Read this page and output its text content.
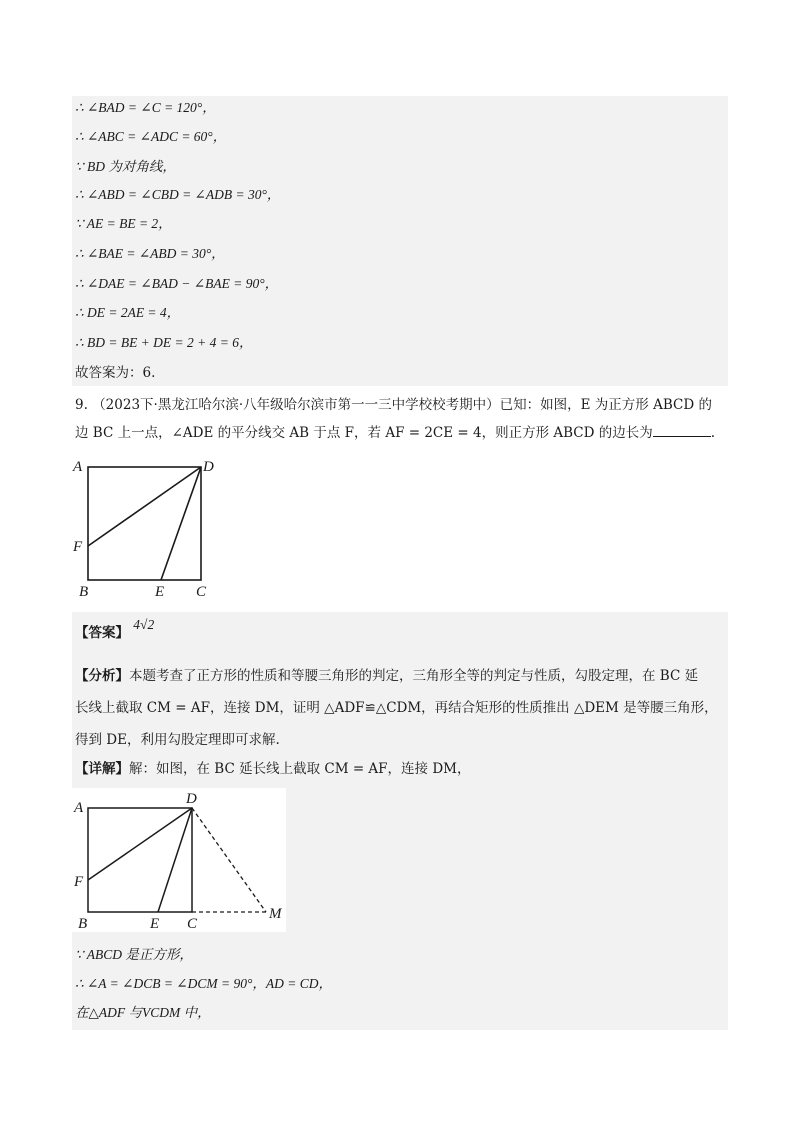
∴ ∠BAD = ∠C = 120°，
∴ ∠ABC = ∠ADC = 60°，
∵ BD 为对角线，
∴ ∠ABD = ∠CBD = ∠ADB = 30°，
∵ AE = BE = 2，
∴ ∠BAE = ∠ABD = 30°，
∴ ∠DAE = ∠BAD − ∠BAE = 90°，
∴ DE = 2AE = 4，
∴ BD = BE + DE = 2 + 4 = 6，
故答案为：6.
9. （2023下·黑龙江哈尔滨·八年级哈尔滨市第一一三中学校校考期中）已知：如图，E 为正方形 ABCD 的
边 BC 上一点，∠ADE 的平分线交 AB 于点 F，若 AF = 2CE = 4，则正方形 ABCD 的边长为	.
A	D
F
B	E C
【答案】 4√2
【分析】本题考查了正方形的性质和等腰三角形的判定，三角形全等的判定与性质，勾股定理，在 BC 延
长线上截取 CM = AF，连接 DM，证明 △ADF≌△CDM，再结合矩形的性质推出 △DEM 是等腰三角形，
得到 DE，利用勾股定理即可求解.
【详解】解：如图，在 BC 延长线上截取 CM = AF，连接 DM，
A
D
F
B	E C
M
∵ ABCD 是正方形，
∴ ∠A = ∠DCB = ∠DCM = 90°，AD = CD，
在△ADF 与VCDM 中，
